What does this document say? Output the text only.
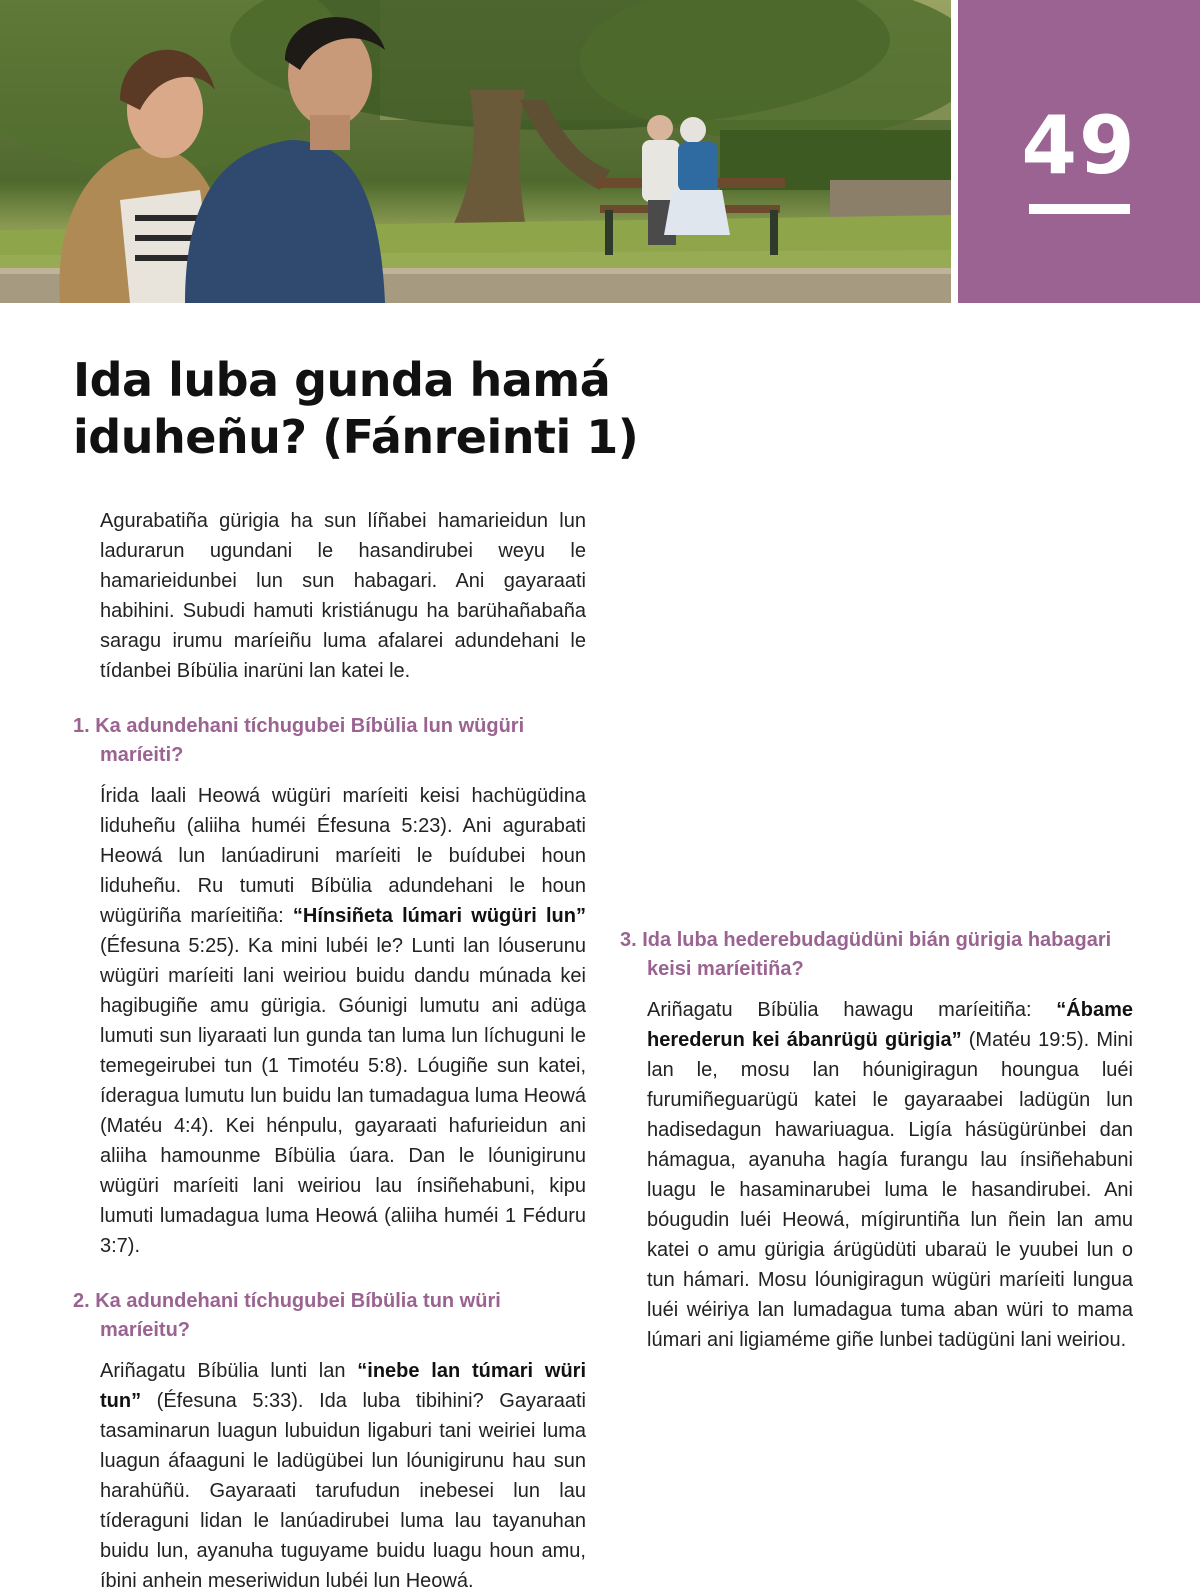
49
Ida luba gunda hamá
iduheñu? (Fánreinti 1)

Agurabatiña gürigia ha sun líñabei hamarieidun lun ladurarun ugundani le hasandirubei weyu le hamarieidunbei lun sun habagari. Ani gayaraati habihini. Subudi hamuti kristiánugu ha barühañabaña saragu irumu maríeiñu luma afalarei adundehani le tídanbei Bíbülia inarüni lan katei le.

1. Ka adundehani tíchugubei Bíbülia lun wügüri maríeiti?

Írida laali Heowá wügüri maríeiti keisi hachügüdina liduheñu (aliiha huméi Éfesuna 5:23). Ani agurabati Heowá lun lanúadiruni maríeiti le buídubei houn liduheñu. Ru tumuti Bíbülia adundehani le houn wügüriña maríeitiña: “Hínsiñeta lúmari wügüri lun” (Éfesuna 5:25). Ka mini lubéi le? Lunti lan lóuserunu wügüri maríeiti lani weiriou buidu dandu múnada kei hagibugiñe amu gürigia. Góunigi lumutu ani adüga lumuti sun liyaraati lun gunda tan luma lun líchuguni le temegeirubei tun (1 Timotéu 5:8). Lóugiñe sun katei, íderagua lumutu lun buidu lan tumadagua luma Heowá (Matéu 4:4). Kei hénpulu, gayaraati hafurieidun ani aliiha hamounme Bíbülia úara. Dan le lóunigirunu wügüri maríeiti lani weiriou lau ínsiñehabuni, kipu lumuti lumadagua luma Heowá (aliiha huméi 1 Féduru 3:7).

2. Ka adundehani tíchugubei Bíbülia tun würi maríeitu?

Ariñagatu Bíbülia lunti lan “inebe lan túmari würi tun” (Éfesuna 5:33). Ida luba tibihini? Gayaraati tasaminarun luagun lubuidun ligaburi tani weiriei luma luagun áfaaguni le ladügübei lun lóunigirunu hau sun harahüñü. Gayaraati tarufudun inebesei lun lau tíderaguni lidan le lanúadirubei luma lau tayanuhan buidu lun, ayanuha tuguyame buidu luagu houn amu, íbini anhein meseriwidun lubéi lun Heowá.

3. Ida luba hederebudagüdüni bián gürigia habagari keisi maríeitiña?

Ariñagatu Bíbülia hawagu maríeitiña: “Ábame herederun kei ábanrügü gürigia” (Matéu 19:5). Mini lan le, mosu lan hóunigiragun houngua luéi furumiñeguarügü katei le gayaraabei ladügün lun hadisedagun hawariuagua. Ligía hásügürünbei dan hámagua, ayanuha hagía furangu lau ínsiñehabuni luagu le hasaminarubei luma le hasandirubei. Ani bóugudin luéi Heowá, mígiruntiña lun ñein lan amu katei o amu gürigia árügüdüti ubaraü le yuubei lun o tun hámari. Mosu lóunigiragun wügüri maríeiti lungua luéi wéiriya lan lumadagua tuma aban würi to mama lúmari ani ligiaméme giñe lunbei tadügüni lani weiriou.
